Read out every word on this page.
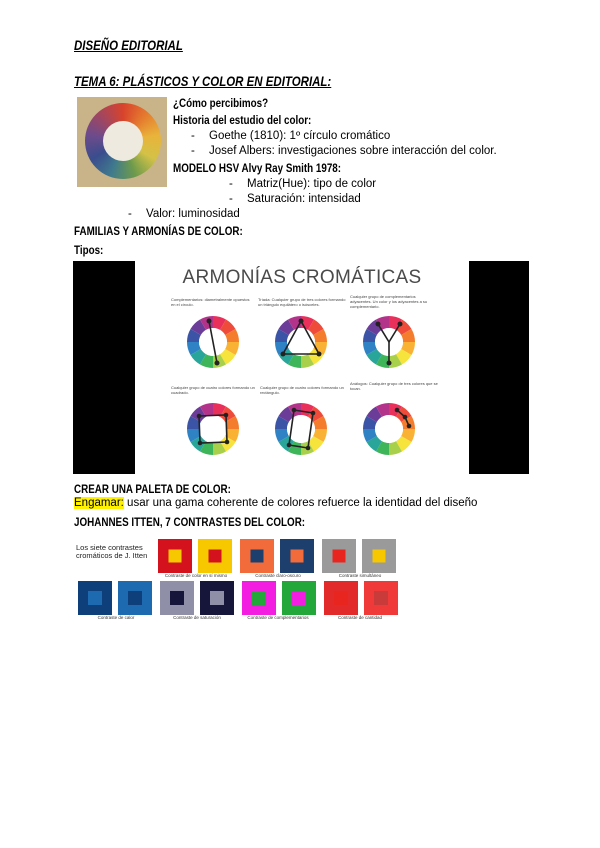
DISEÑO EDITORIAL
TEMA 6: PLÁSTICOS Y COLOR EN EDITORIAL:
¿Cómo percibimos?
Historia del estudio del color:
- Goethe (1810): 1º círculo cromático
- Josef Albers: investigaciones sobre interacción del color.
MODELO HSV Alvy Ray Smith 1978:
- Matriz(Hue): tipo de color
- Saturación: intensidad
- Valor: luminosidad
FAMILIAS Y ARMONÍAS DE COLOR:
Tipos:
ARMONÍAS CROMÁTICAS
Complementarios: diametralmente opuestos en el círculo.
Tríada: Cualquier grupo de tres colores formando un triángulo equilátero o isósceles.
Cualquier grupo de complementarios adyacentes. Un color y los adyacentes a su complementario.
Cualquier grupo de cuatro colores formando un cuadrado.
Cualquier grupo de cuatro colores formando un rectángulo.
Análogos: Cualquier grupo de tres colores que se tocan.
CREAR UNA PALETA DE COLOR:
Engamar: usar una gama coherente de colores refuerce la identidad del diseño
JOHANNES ITTEN, 7 CONTRASTES DEL COLOR:
Los siete contrastes cromáticos de J. Itten
Contraste de color en sí mismo	Contraste claro-oscuro	Contraste simultáneo
Contraste de calor	Contraste de saturación	Contraste de complementarios	Contraste de cantidad
